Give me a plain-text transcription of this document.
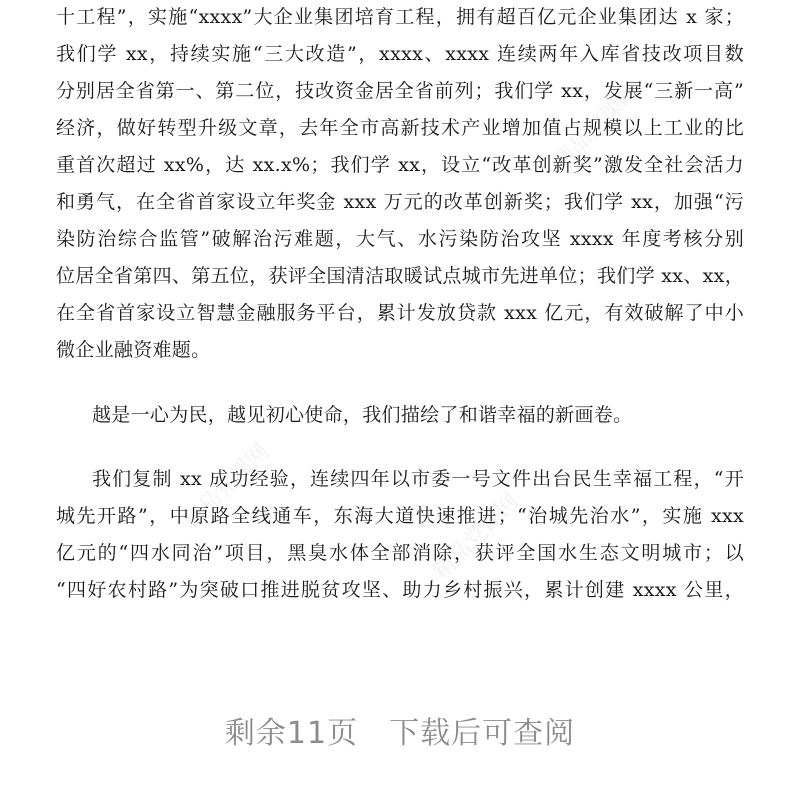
精品党课网
精品党课网
精品党课网
十工程”，实施“xxxx”大企业集团培育工程，拥有超百亿元企业集团达 x 家；
我们学 xx，持续实施“三大改造”，xxxx、xxxx 连续两年入库省技改项目数
分别居全省第一、第二位，技改资金居全省前列；我们学 xx，发展“三新一高”
经济，做好转型升级文章，去年全市高新技术产业增加值占规模以上工业的比
重首次超过 xx%，达 xx.x%；我们学 xx，设立“改革创新奖”激发全社会活力
和勇气，在全省首家设立年奖金 xxx 万元的改革创新奖；我们学 xx，加强“污
染防治综合监管”破解治污难题，大气、水污染防治攻坚 xxxx 年度考核分别
位居全省第四、第五位，获评全国清洁取暖试点城市先进单位；我们学 xx、xx，
在全省首家设立智慧金融服务平台，累计发放贷款 xxx 亿元，有效破解了中小
微企业融资难题。
越是一心为民，越见初心使命，我们描绘了和谐幸福的新画卷。
我们复制 xx 成功经验，连续四年以市委一号文件出台民生幸福工程，“开
城先开路”，中原路全线通车，东海大道快速推进；“治城先治水”，实施 xxx
亿元的“四水同治”项目，黑臭水体全部消除，获评全国水生态文明城市；以
“四好农村路”为突破口推进脱贫攻坚、助力乡村振兴，累计创建 xxxx 公里，
剩余11页　下载后可查阅
